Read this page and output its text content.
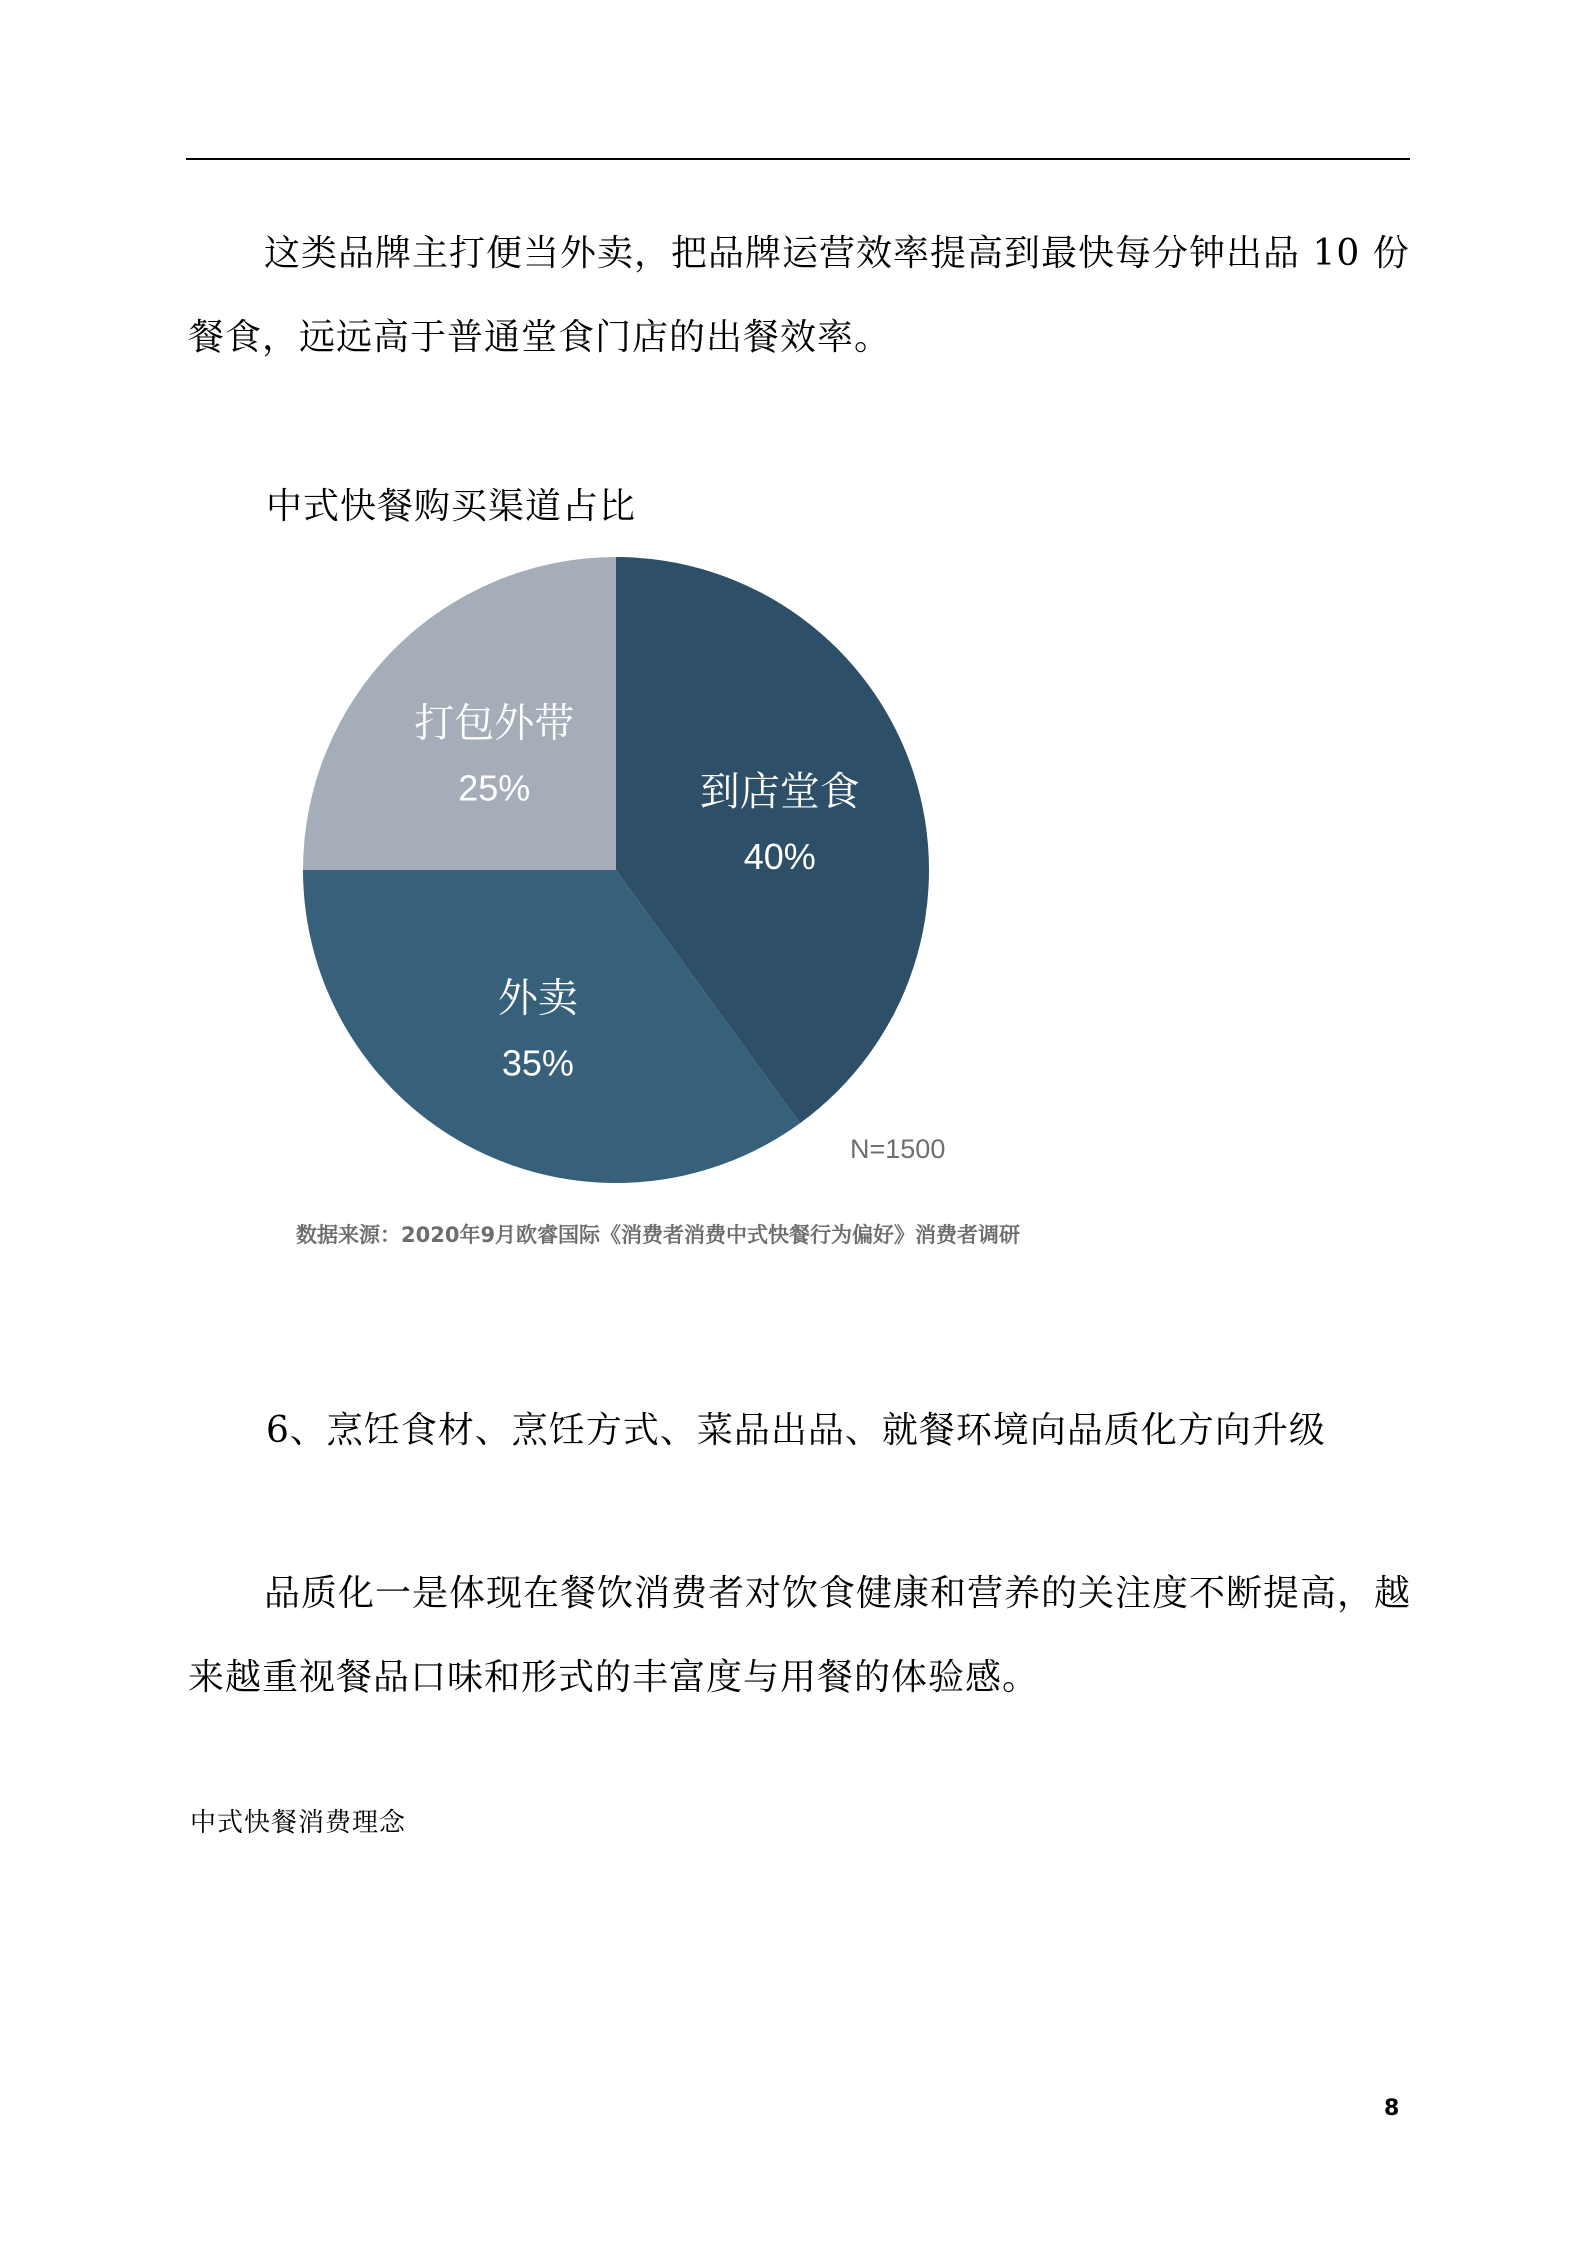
这类品牌主打便当外卖，把品牌运营效率提高到最快每分钟出品 10 份餐食，远远高于普通堂食门店的出餐效率。
中式快餐购买渠道占比
到店堂食
40%
外卖
35%
打包外带
25%
N=1500
数据来源：2020年9月欧睿国际《消费者消费中式快餐行为偏好》消费者调研
6、烹饪食材、烹饪方式、菜品出品、就餐环境向品质化方向升级
品质化一是体现在餐饮消费者对饮食健康和营养的关注度不断提高，越来越重视餐品口味和形式的丰富度与用餐的体验感。
中式快餐消费理念
8
